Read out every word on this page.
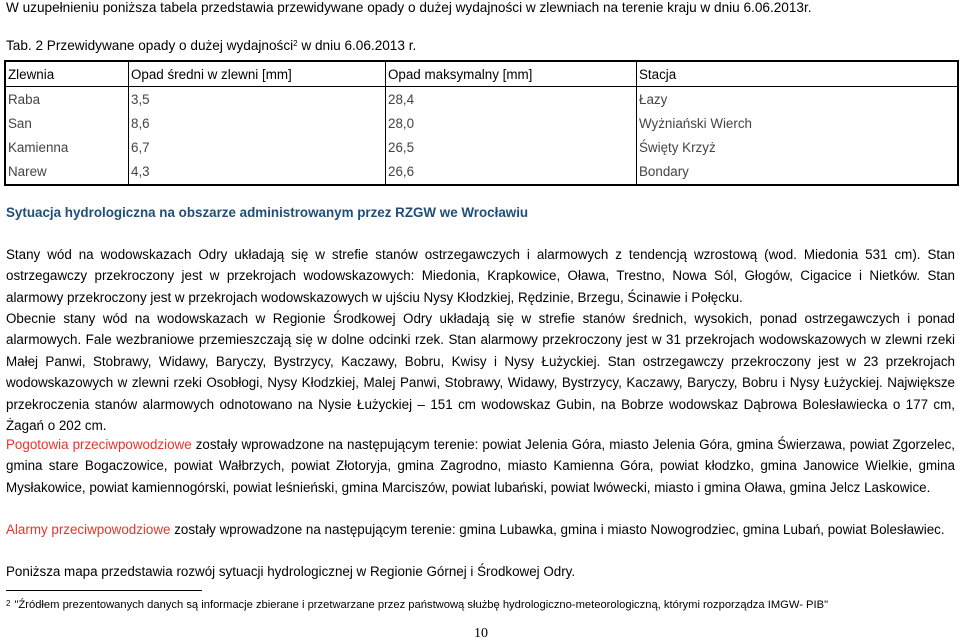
W uzupełnieniu poniższa tabela przedstawia przewidywane opady o dużej wydajności w zlewniach na terenie kraju w dniu 6.06.2013r.
Tab. 2 Przewidywane opady o dużej wydajności$^2$ w dniu 6.06.2013 r.
Zlewnia	Opad średni w zlewni [mm]	Opad maksymalny [mm]	Stacja
Raba	3,5	28,4	Łazy
San	8,6	28,0	Wyżniański Wierch
Kamienna	6,7	26,5	Święty Krzyż
Narew	4,3	26,6	Bondary
Sytuacja hydrologiczna na obszarze administrowanym przez RZGW we Wrocławiu
Stany wód na wodowskazach Odry układają się w strefie stanów ostrzegawczych i alarmowych z tendencją wzrostową (wod. Miedonia 531 cm). Stan ostrzegawczy przekroczony jest w przekrojach wodowskazowych: Miedonia, Krapkowice, Oława, Trestno, Nowa Sól, Głogów, Cigacice i Nietków. Stan alarmowy przekroczony jest w przekrojach wodowskazowych w ujściu Nysy Kłodzkiej, Rędzinie, Brzegu, Ścinawie i Połęcku.
Obecnie stany wód na wodowskazach w Regionie Środkowej Odry układają się w strefie stanów średnich, wysokich, ponad ostrzegawczych i ponad alarmowych. Fale wezbraniowe przemieszczają się w dolne odcinki rzek. Stan alarmowy przekroczony jest w 31 przekrojach wodowskazowych w zlewni rzeki Małej Panwi, Stobrawy, Widawy, Baryczy, Bystrzycy, Kaczawy, Bobru, Kwisy i Nysy Łużyckiej. Stan ostrzegawczy przekroczony jest w 23 przekrojach wodowskazowych w zlewni rzeki Osobłogi, Nysy Kłodzkiej, Malej Panwi, Stobrawy, Widawy, Bystrzycy, Kaczawy, Baryczy, Bobru i Nysy Łużyckiej. Największe przekroczenia stanów alarmowych odnotowano na Nysie Łużyckiej – 151 cm wodowskaz Gubin, na Bobrze wodowskaz Dąbrowa Bolesławiecka o 177 cm, Żagań o 202 cm.
Pogotowia przeciwpowodziowe zostały wprowadzone na następującym terenie: powiat Jelenia Góra, miasto Jelenia Góra, gmina Świerzawa, powiat Zgorzelec, gmina stare Bogaczowice, powiat Wałbrzych, powiat Złotoryja, gmina Zagrodno, miasto Kamienna Góra, powiat kłodzko, gmina Janowice Wielkie, gmina Mysłakowice, powiat kamiennogórski, powiat leśnieński, gmina Marciszów, powiat lubański, powiat lwówecki, miasto i gmina Oława, gmina Jelcz Laskowice.
Alarmy przeciwpowodziowe zostały wprowadzone na następującym terenie: gmina Lubawka, gmina i miasto Nowogrodziec, gmina Lubań, powiat Bolesławiec.
Poniższa mapa przedstawia rozwój sytuacji hydrologicznej w Regionie Górnej i Środkowej Odry.
$^2$ "Źródłem prezentowanych danych są informacje zbierane i przetwarzane przez państwową służbę hydrologiczno-meteorologiczną, którymi rozporządza IMGW- PIB"
10
